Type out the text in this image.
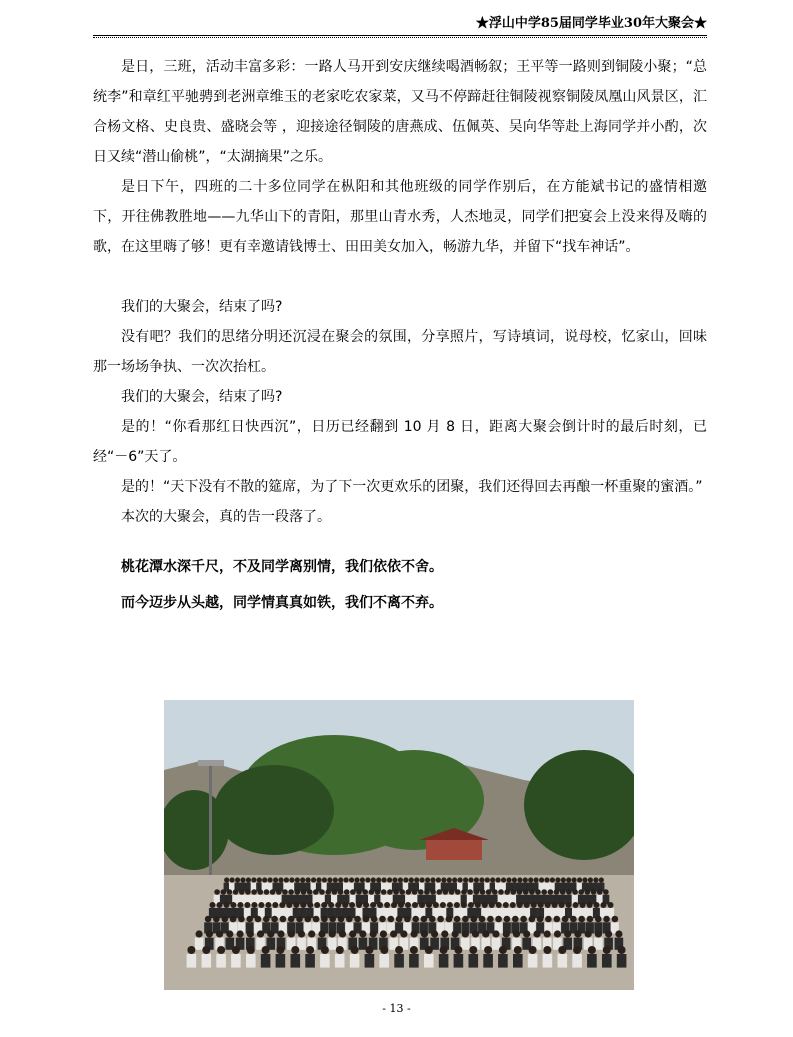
★浮山中学85届同学毕业30年大聚会★

是日，三班，活动丰富多彩：一路人马开到安庆继续喝酒畅叙；王平等一路则到铜陵小聚；“总统李”和章红平驰骋到老洲章维玉的老家吃农家菜，又马不停蹄赶往铜陵视察铜陵凤凰山风景区，汇合杨文格、史良贵、盛晓会等 ，迎接途径铜陵的唐燕成、伍佩英、吴向华等赴上海同学并小酌，次日又续“潜山偷桃”，“太湖摘果”之乐。

是日下午，四班的二十多位同学在枞阳和其他班级的同学作别后，在方能斌书记的盛情相邀下，开往佛教胜地——九华山下的青阳，那里山青水秀，人杰地灵，同学们把宴会上没来得及嗨的歌，在这里嗨了够！更有幸邀请钱博士、田田美女加入，畅游九华，并留下“找车神话”。

我们的大聚会，结束了吗?

没有吧？我们的思绪分明还沉浸在聚会的氛围，分享照片，写诗填词，说母校，忆家山，回味那一场场争执、一次次抬杠。

我们的大聚会，结束了吗?

是的！“你看那红日快西沉”，日历已经翻到 10 月 8 日，距离大聚会倒计时的最后时刻，已经“－6”天了。

是的！“天下没有不散的筵席，为了下一次更欢乐的团聚，我们还得回去再酿一杯重聚的蜜酒。”

本次的大聚会，真的告一段落了。

桃花潭水深千尺，不及同学离别情，我们依依不舍。

而今迈步从头越，同学情真真如铁，我们不离不弃。

- 13 -
